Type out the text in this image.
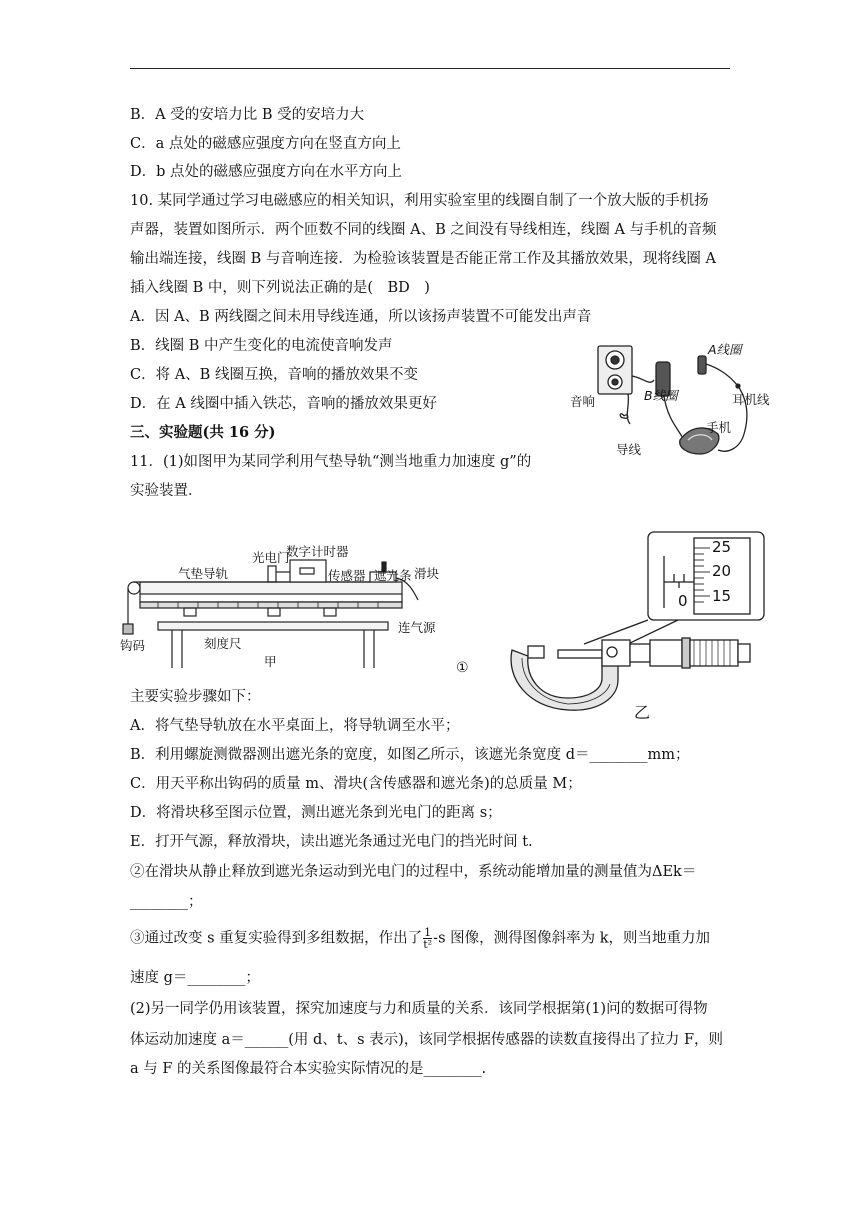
B．A 受的安培力比 B 受的安培力大
C．a 点处的磁感应强度方向在竖直方向上
D．b 点处的磁感应强度方向在水平方向上
10. 某同学通过学习电磁感应的相关知识，利用实验室里的线圈自制了一个放大版的手机扬
声器，装置如图所示．两个匝数不同的线圈 A、B 之间没有导线相连，线圈 A 与手机的音频
输出端连接，线圈 B 与音响连接．为检验该装置是否能正常工作及其播放效果，现将线圈 A
插入线圈 B 中，则下列说法正确的是(　BD　)
A．因 A、B 两线圈之间未用导线连通，所以该扬声装置不可能发出声音
B．线圈 B 中产生变化的电流使音响发声
C．将 A、B 线圈互换，音响的播放效果不变
D．在 A 线圈中插入铁芯，音响的播放效果更好
三、实验题(共 16 分)
11．(1)如图甲为某同学利用气垫导轨“测当地重力加速度 g”的
实验装置．
主要实验步骤如下：
A．将气垫导轨放在水平桌面上，将导轨调至水平；
B．利用螺旋测微器测出遮光条的宽度，如图乙所示，该遮光条宽度 d＝________mm；
C．用天平称出钩码的质量 m、滑块(含传感器和遮光条)的总质量 M；
D．将滑块移至图示位置，测出遮光条到光电门的距离 s；
E．打开气源，释放滑块，读出遮光条通过光电门的挡光时间 t.
②在滑块从静止释放到遮光条运动到光电门的过程中，系统动能增加量的测量值为ΔEk＝
________；
③通过改变 s 重复实验得到多组数据，作出了 $\frac{1}{\text{t²}} -s$ 图像，测得图像斜率为 k，则当地重力加
速度 g＝________；
(2)另一同学仍用该装置，探究加速度与力和质量的关系．该同学根据第(1)问的数据可得物
体运动加速度 a＝______(用 d、t、s 表示)，该同学根据传感器的读数直接得出了拉力 F，则
a 与 F 的关系图像最符合本实验实际情况的是________.
音响	B线圈
A线圈
耳机线
手机
导线
光电门
数字计时器
气垫导轨	传感器 遮光条 滑块
钩码	刻度尺
连气源
甲	①
25
20
15
0
乙
